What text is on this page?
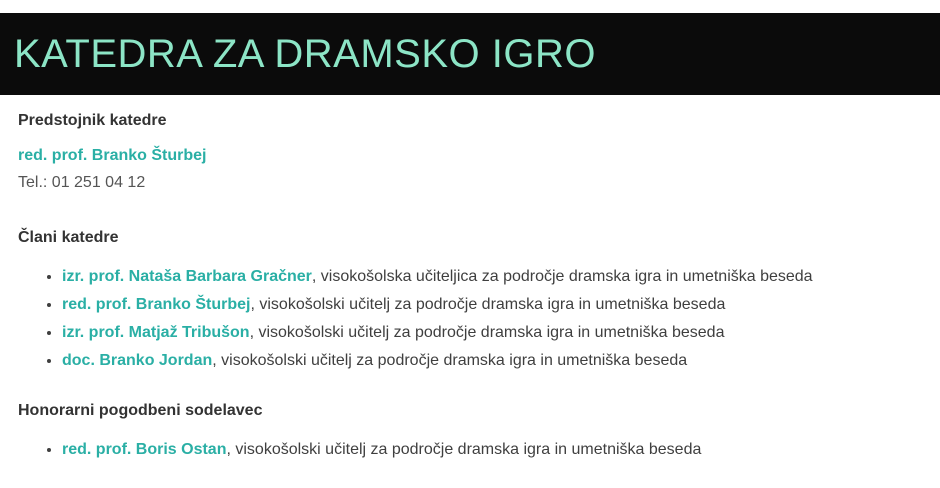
KATEDRA ZA DRAMSKO IGRO
Predstojnik katedre
red. prof. Branko Šturbej
Tel.: 01 251 04 12
Člani katedre
• izr. prof. Nataša Barbara Gračner, visokošolska učiteljica za področje dramska igra in umetniška beseda
• red. prof. Branko Šturbej, visokošolski učitelj za področje dramska igra in umetniška beseda
• izr. prof. Matjaž Tribušon, visokošolski učitelj za področje dramska igra in umetniška beseda
• doc. Branko Jordan, visokošolski učitelj za področje dramska igra in umetniška beseda
Honorarni pogodbeni sodelavec
• red. prof. Boris Ostan, visokošolski učitelj za področje dramska igra in umetniška beseda
